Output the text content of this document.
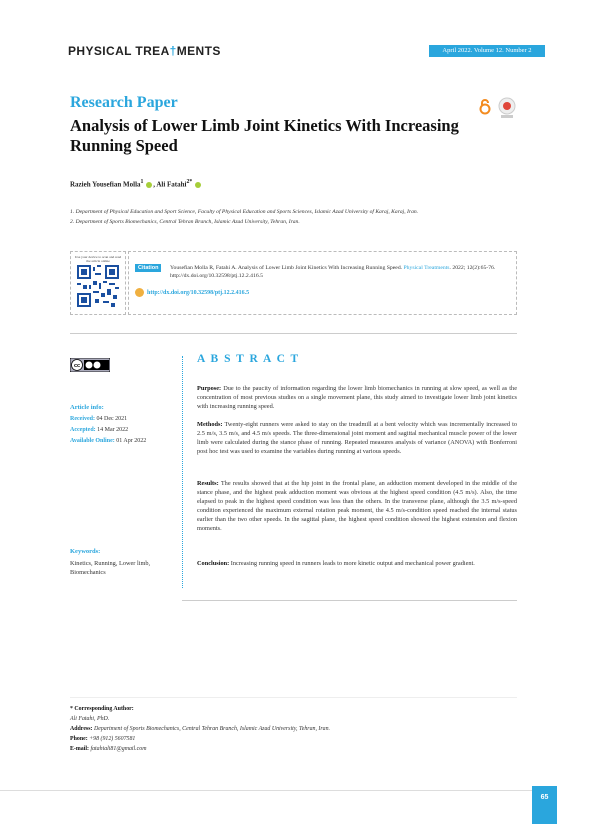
PHYSICAL TREA†MENTS	April 2022. Volume 12. Number 2
Research Paper
Analysis of Lower Limb Joint Kinetics With Increasing Running Speed
Razieh Yousefian Molla$^1$ , Ali Fatahi$^{2*}$
1. Department of Physical Education and Sport Science, Faculty of Physical Education and Sports Sciences, Islamic Azad University of Karaj, Karaj, Iran.
2. Department of Sports Biomechanics, Central Tehran Branch, Islamic Azad University, Tehran, Iran.
Use your device to scan and read the article online
Citation	Yousefian Molla R, Fatahi A. Analysis of Lower Limb Joint Kinetics With Increasing Running Speed. Physical Treatments. 2022; 12(2):65-76. http://dx.doi.org/10.32598/ptj.12.2.416.5
http://dx.doi.org/10.32598/ptj.12.2.416.5
cc
Article info:
Received: 04 Dec 2021
Accepted: 14 Mar 2022
Available Online: 01 Apr 2022
Keywords:
Kinetics, Running, Lower limb, Biomechanics
A B S T R A C T
Purpose: Due to the paucity of information regarding the lower limb biomechanics in running at slow speed, as well as the concentration of most previous studies on a single movement plane, this study aimed to investigate lower limb joint kinetics with increasing running speed.
Methods: Twenty-eight runners were asked to stay on the treadmill at a bent velocity which was incrementally increased to 2.5 m/s, 3.5 m/s, and 4.5 m/s speeds. The three-dimensional joint moment and sagittal mechanical muscle power of the lower limb were calculated during the stance phase of running. Repeated measures analysis of variance (ANOVA) with Bonferroni post hoc test was used to examine the variables during running at various speeds.
Results: The results showed that at the hip joint in the frontal plane, an adduction moment developed in the middle of the stance phase, and the highest peak adduction moment was obvious at the highest speed condition (4.5 m/s). Also, the time elapsed to peak in the highest speed condition was less than the others. In the transverse plane, although the 3.5 m/s-speed condition experienced the maximum external rotation peak moment, the 4.5 m/s-condition speed reached the internal status earlier than the two other speeds. In the sagittal plane, the highest speed condition showed the highest extension and flexion moments.
Conclusion: Increasing running speed in runners leads to more kinetic output and mechanical power gradient.
* Corresponding Author:
Ali Fatahi, PhD.
Address: Department of Sports Biomechanics, Central Tehran Branch, Islamic Azad University, Tehran, Iran.
Phone: +98 (912) 5607581
E-mail: fatahiali81@gmail.com
65
